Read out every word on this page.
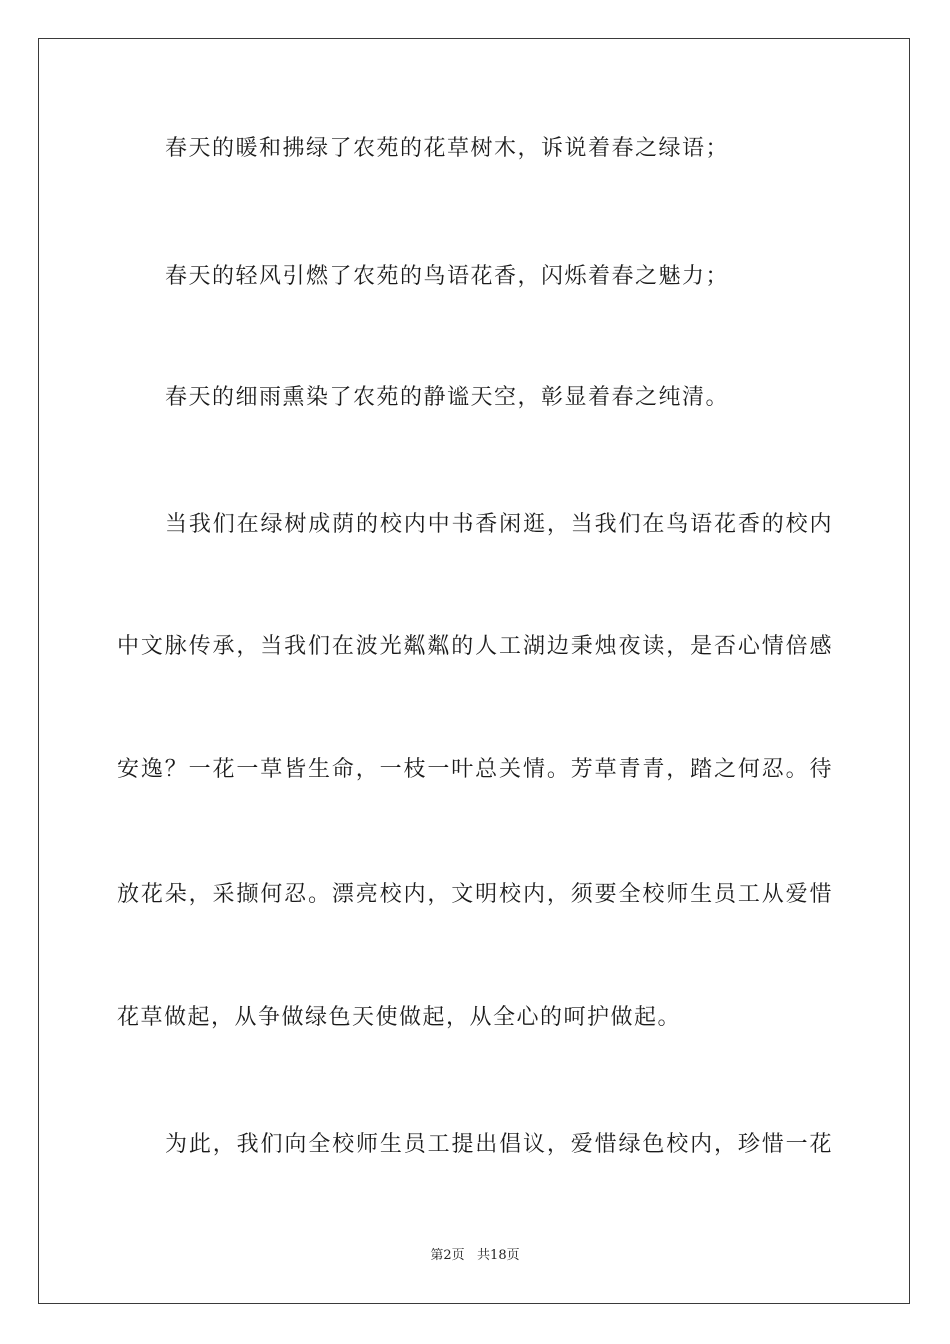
春天的暖和拂绿了农苑的花草树木，诉说着春之绿语；

春天的轻风引燃了农苑的鸟语花香，闪烁着春之魅力；

春天的细雨熏染了农苑的静谧天空，彰显着春之纯清。

当我们在绿树成荫的校内中书香闲逛，当我们在鸟语花香的校内

中文脉传承，当我们在波光粼粼的人工湖边秉烛夜读，是否心情倍感

安逸？一花一草皆生命，一枝一叶总关情。芳草青青，踏之何忍。待

放花朵，采撷何忍。漂亮校内，文明校内，须要全校师生员工从爱惜

花草做起，从争做绿色天使做起，从全心的呵护做起。

为此，我们向全校师生员工提出倡议，爱惜绿色校内，珍惜一花

第2页   共18页
